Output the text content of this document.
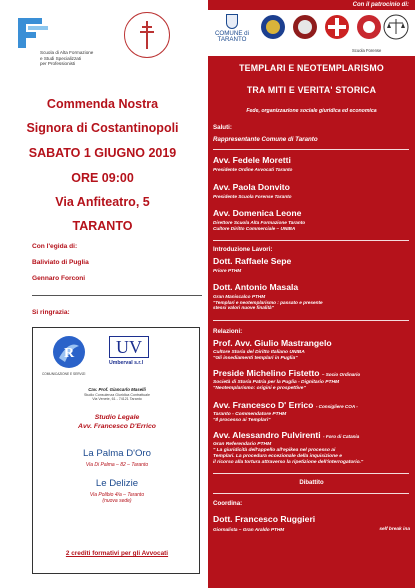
Scuola di Alta Formazione
e Studi Specializzati
per Professionisti
Commenda Nostra
Signora di Costantinopoli
SABATO 1 GIUGNO 2019
ORE 09:00
Via Anfiteatro, 5
TARANTO
Con l'egida di:
Baliviato di Puglia
Gennaro Forconi
Si ringrazia:
R
COMUNICAZIONE E SERVIZI
UV
Umberval s.r.l
Cav. Prof. Giancarlo Maselli
Studio Consulenza Giuridica Contrattuale
Via Venete, 61 - 74121 Taranto
Studio Legale
Avv. Francesco D'Errico
La Palma D'Oro
Via Di Palma – 82 – Taranto
Le Delizie
Via Polibio 4/a – Taranto
(nuova sede)
2 crediti formativi per gli Avvocati
Con il patrocinio di:
COMUNE di
TARANTO
Scuola Forense
TEMPLARI E NEOTEMPLARISMO
TRA MITI E VERITA' STORICA
Fede, organizzazione sociale giuridica ed economica
Saluti:
Rappresentante Comune di Taranto
Avv. Fedele Moretti
Presidente Ordine Avvocati Taranto
Avv. Paola Donvito
Presidente Scuola Forense Taranto
Avv. Domenica Leone
Direttore Scuola Alta Formazione Taranto
Cultore Diritto Commerciale – UNIBA
Introduzione Lavori:
Dott. Raffaele Sepe
Priore PTHM
Dott. Antonio Masala
Gran Maniscalco PTHM
"Templari e neotemplarismo : passato e presente
stessi valori nuove finalità"
Relazioni:
Prof. Avv. Giulio Mastrangelo
Cultore Storia del Diritto Italiano UNIBA
"Gli insediamenti templari in Puglia"
Preside Michelino Fistetto – Socio Ordinario
Società di Storia Patria per la Puglia - Dignitario PTHM
"Neotemplarismo: origini e prospettive"
Avv. Francesco D' Errico - Consigliere COA -
Taranto - Commendatore PTHM
"Il processo ai Templari"
Avv. Alessandro Pulvirenti - Foro di Catania
Gran Referendario PTHM
" La giuridicità dell'appello all'epikea nel processo ai
Templari. La procedura eccezionale della inquisizione e
il ricorso alla tortura attraverso la ripetizione dell'interrogatorio."
Dibattito
Coordina:
Dott. Francesco Ruggieri
Giornalista – Gran Araldo PTHM	self break ina
